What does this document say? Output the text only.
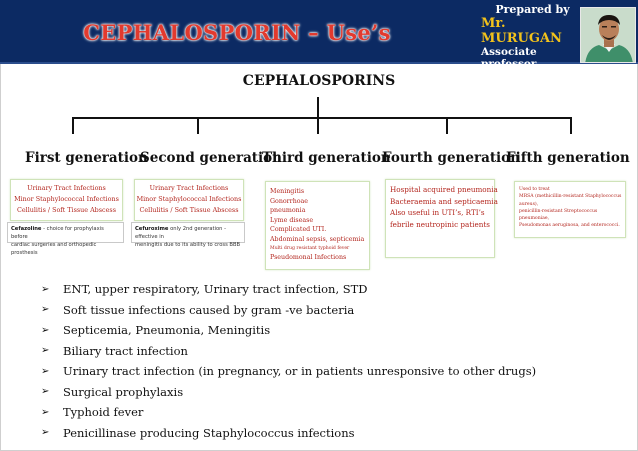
CEPHALOSPORIN – Use’s
Prepared by
Mr. MURUGAN
Associate professor
CEPHALOSPORINS
First generation
Second generation
Third generation
Fourth generation
Fifth generation
Urinary Tract Infections
Minor Staphylococcal Infections
Cellulitis / Soft Tissue Abscess
Cefazoline - choice for prophylaxis before
cardiac surgeries and orthopedic prosthesis
Urinary Tract Infections
Minor Staphylococcal Infections
Cellulitis / Soft Tissue Abscess
Cefuroxime only 2nd generation - effective in
meningitis due to its ability to cross BBB
Meningitis
Gonorrhoae
pneumonia
Lyme disease
Complicated UTI.
Abdominal sepsis, septicemia
Multi drug resistant typhoid fever
Pseudomonal Infections
Hospital acquired pneumonia
Bacteraemia and septicaemia
Also useful in UTI’s, RTI’s
febrile neutropinic patients
Used to treat
MRSA (methicillin-resistant Staphylococcus
aureus),
penicillin-resistant Streptococcus
pneumoniae,
Pseudomonas aeruginosa, and enterococci.
➢	ENT, upper respiratory, Urinary tract infection, STD
➢	Soft tissue infections caused by gram -ve bacteria
➢	Septicemia, Pneumonia, Meningitis
➢	Biliary tract infection
➢	Urinary tract infection (in pregnancy, or in patients unresponsive to other drugs)
➢	Surgical prophylaxis
➢	Typhoid fever
➢	Penicillinase producing Staphylococcus infections
